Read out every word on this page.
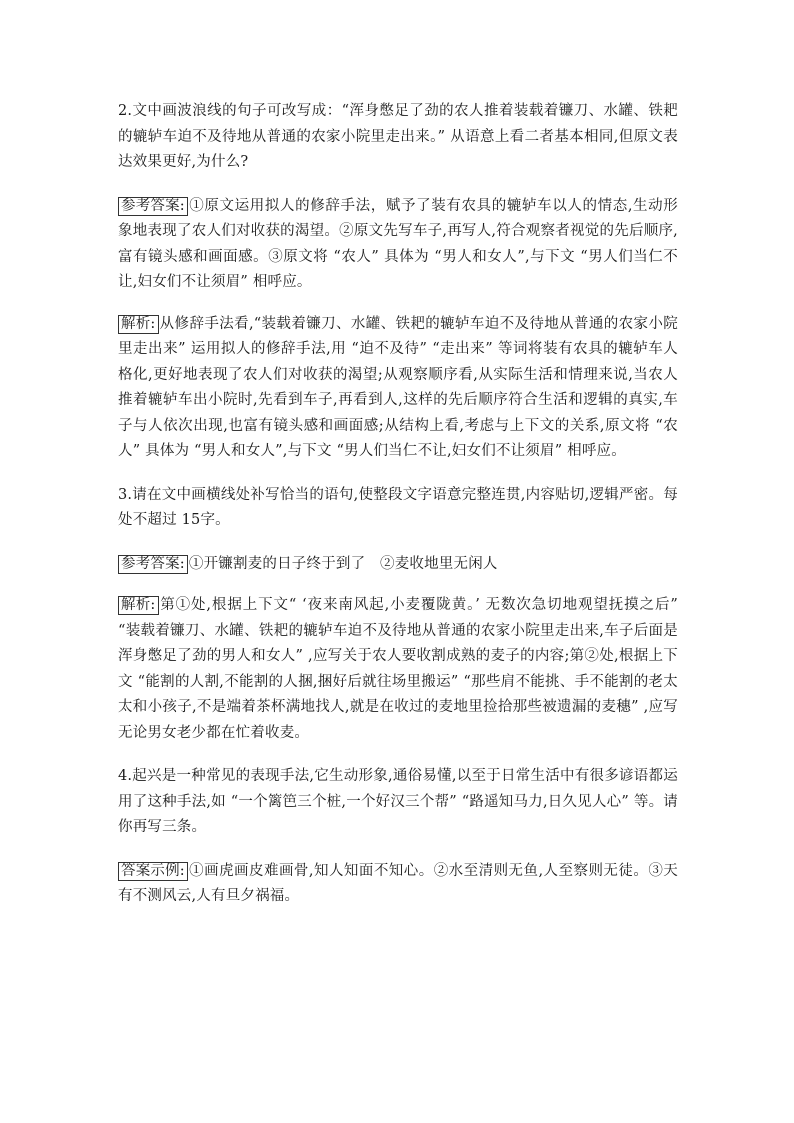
2.文中画波浪线的句子可改写成：“浑身憋足了劲的农人推着装载着镰刀、水罐、铁耙的辘轳车迫不及待地从普通的农家小院里走出来。” 从语意上看二者基本相同,但原文表达效果更好,为什么?

参考答案: ①原文运用拟人的修辞手法，赋予了装有农具的辘轳车以人的情态,生动形象地表现了农人们对收获的渴望。②原文先写车子,再写人,符合观察者视觉的先后顺序,富有镜头感和画面感。③原文将 “农人” 具体为 “男人和女人”,与下文 “男人们当仁不让,妇女们不让须眉” 相呼应。

解析: 从修辞手法看,“装载着镰刀、水罐、铁耙的辘轳车迫不及待地从普通的农家小院里走出来” 运用拟人的修辞手法,用 “迫不及待” “走出来” 等词将装有农具的辘轳车人格化,更好地表现了农人们对收获的渴望;从观察顺序看,从实际生活和情理来说,当农人推着辘轳车出小院时,先看到车子,再看到人,这样的先后顺序符合生活和逻辑的真实,车子与人依次出现,也富有镜头感和画面感;从结构上看,考虑与上下文的关系,原文将 “农人” 具体为 “男人和女人”,与下文 “男人们当仁不让,妇女们不让须眉” 相呼应。

3.请在文中画横线处补写恰当的语句,使整段文字语意完整连贯,内容贴切,逻辑严密。每处不超过 15字。

参考答案: ①开镰割麦的日子终于到了　②麦收地里无闲人

解析: 第①处,根据上下文“ ‘夜来南风起,小麦覆陇黄。’ 无数次急切地观望抚摸之后” “装载着镰刀、水罐、铁耙的辘轳车迫不及待地从普通的农家小院里走出来,车子后面是浑身憋足了劲的男人和女人” ,应写关于农人要收割成熟的麦子的内容;第②处,根据上下文 “能割的人割,不能割的人捆,捆好后就往场里搬运” “那些肩不能挑、手不能割的老太太和小孩子,不是端着茶杯满地找人,就是在收过的麦地里捡拾那些被遗漏的麦穗” ,应写无论男女老少都在忙着收麦。

4.起兴是一种常见的表现手法,它生动形象,通俗易懂,以至于日常生活中有很多谚语都运用了这种手法,如 “一个篱笆三个桩,一个好汉三个帮” “路遥知马力,日久见人心” 等。请你再写三条。

答案示例: ①画虎画皮难画骨,知人知面不知心。②水至清则无鱼,人至察则无徒。③天有不测风云,人有旦夕祸福。
